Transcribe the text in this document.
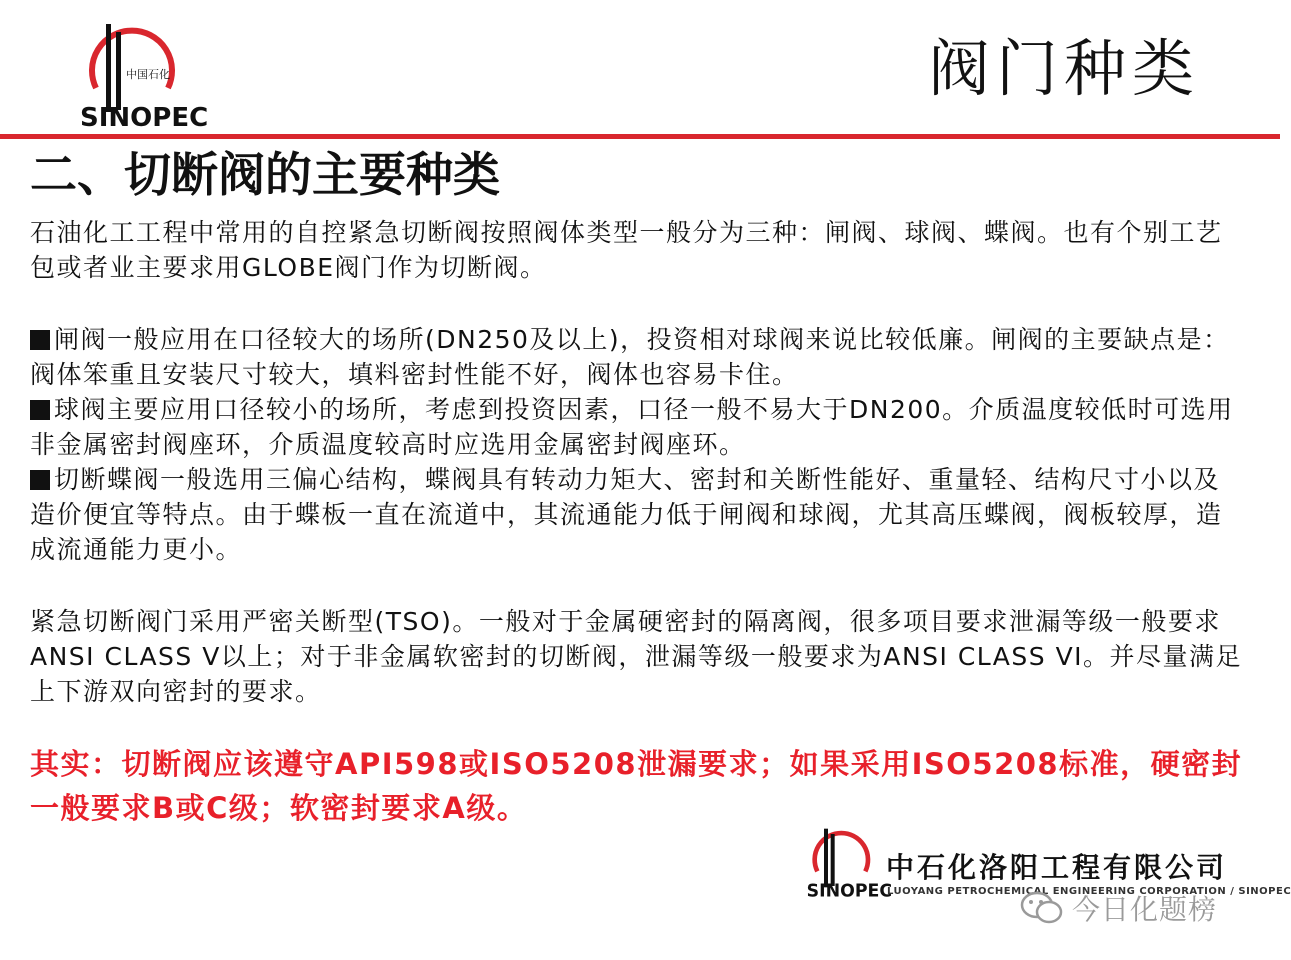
中国石化
SINOPEC
阀门种类
二、切断阀的主要种类

石油化工工程中常用的自控紧急切断阀按照阀体类型一般分为三种：闸阀、球阀、蝶阀。也有个别工艺包或者业主要求用GLOBE阀门作为切断阀。

闸阀一般应用在口径较大的场所(DN250及以上)，投资相对球阀来说比较低廉。闸阀的主要缺点是：阀体笨重且安装尺寸较大，填料密封性能不好，阀体也容易卡住。

球阀主要应用口径较小的场所，考虑到投资因素，口径一般不易大于DN200。介质温度较低时可选用非金属密封阀座环，介质温度较高时应选用金属密封阀座环。

切断蝶阀一般选用三偏心结构，蝶阀具有转动力矩大、密封和关断性能好、重量轻、结构尺寸小以及造价便宜等特点。由于蝶板一直在流道中，其流通能力低于闸阀和球阀，尤其高压蝶阀，阀板较厚，造成流通能力更小。

紧急切断阀门采用严密关断型(TSO)。一般对于金属硬密封的隔离阀，很多项目要求泄漏等级一般要求ANSI CLASS V以上；对于非金属软密封的切断阀，泄漏等级一般要求为ANSI CLASS VI。并尽量满足上下游双向密封的要求。

其实：切断阀应该遵守API598或ISO5208泄漏要求；如果采用ISO5208标准，硬密封一般要求B或C级；软密封要求A级。

SINOPEC
中石化洛阳工程有限公司
LUOYANG PETROCHEMICAL ENGINEERING CORPORATION / SINOPEC
今日化题榜
